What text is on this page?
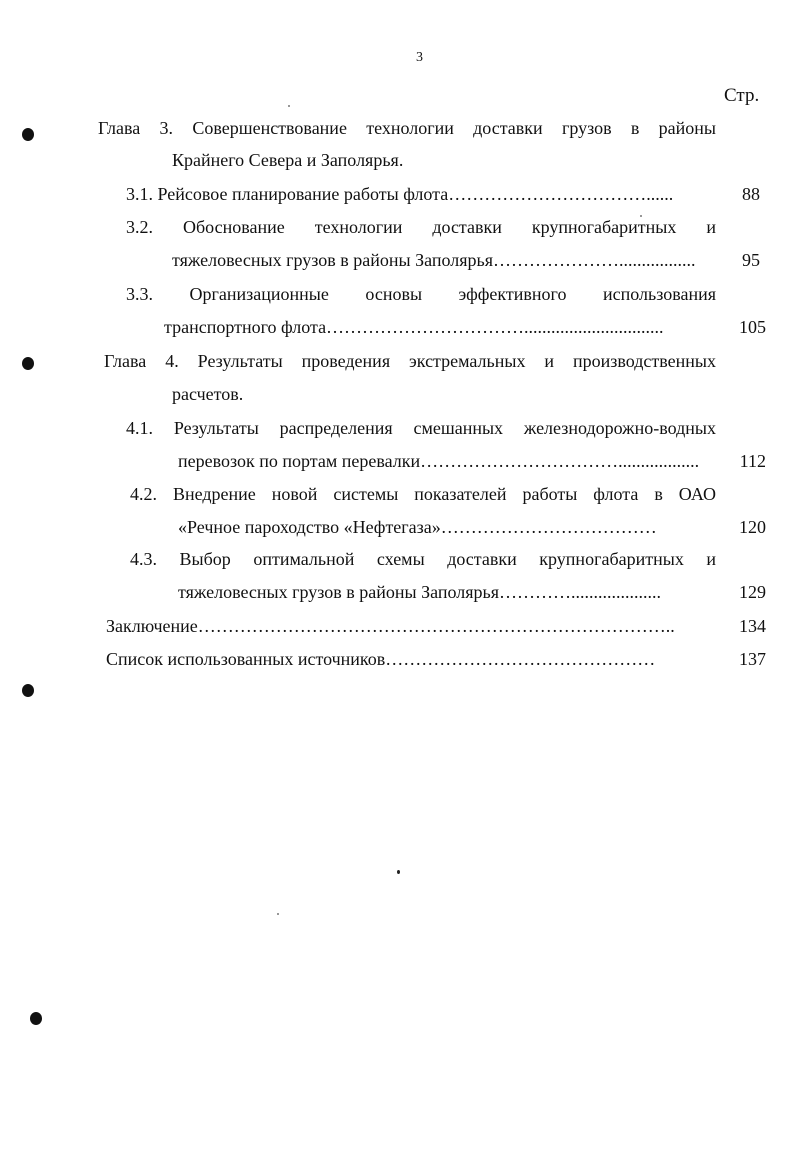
3
Стр.
Глава 3. Совершенствование технологии доставки грузов в районы
Крайнего Севера и Заполярья.
3.1. Рейсовое планирование работы флота……………………………......	88
3.2. Обоснование технологии доставки крупногабаритных и
тяжеловесных грузов в районы Заполярья………………….................	95
3.3. Организационные основы эффективного использования
транспортного флота……………………………...............................	105
Глава 4. Результаты проведения экстремальных и производственных
расчетов.
4.1. Результаты распределения смешанных железнодорожно-водных
перевозок по портам перевалки……………………………..................	112
4.2. Внедрение новой системы показателей работы флота в ОАО
«Речное пароходство «Нефтегаза»………………………………	120
4.3. Выбор оптимальной схемы доставки крупногабаритных и
тяжеловесных грузов в районы Заполярья…………....................	129
Заключение……………………………………………………………………..	134
Список использованных источников………………………………………	137
